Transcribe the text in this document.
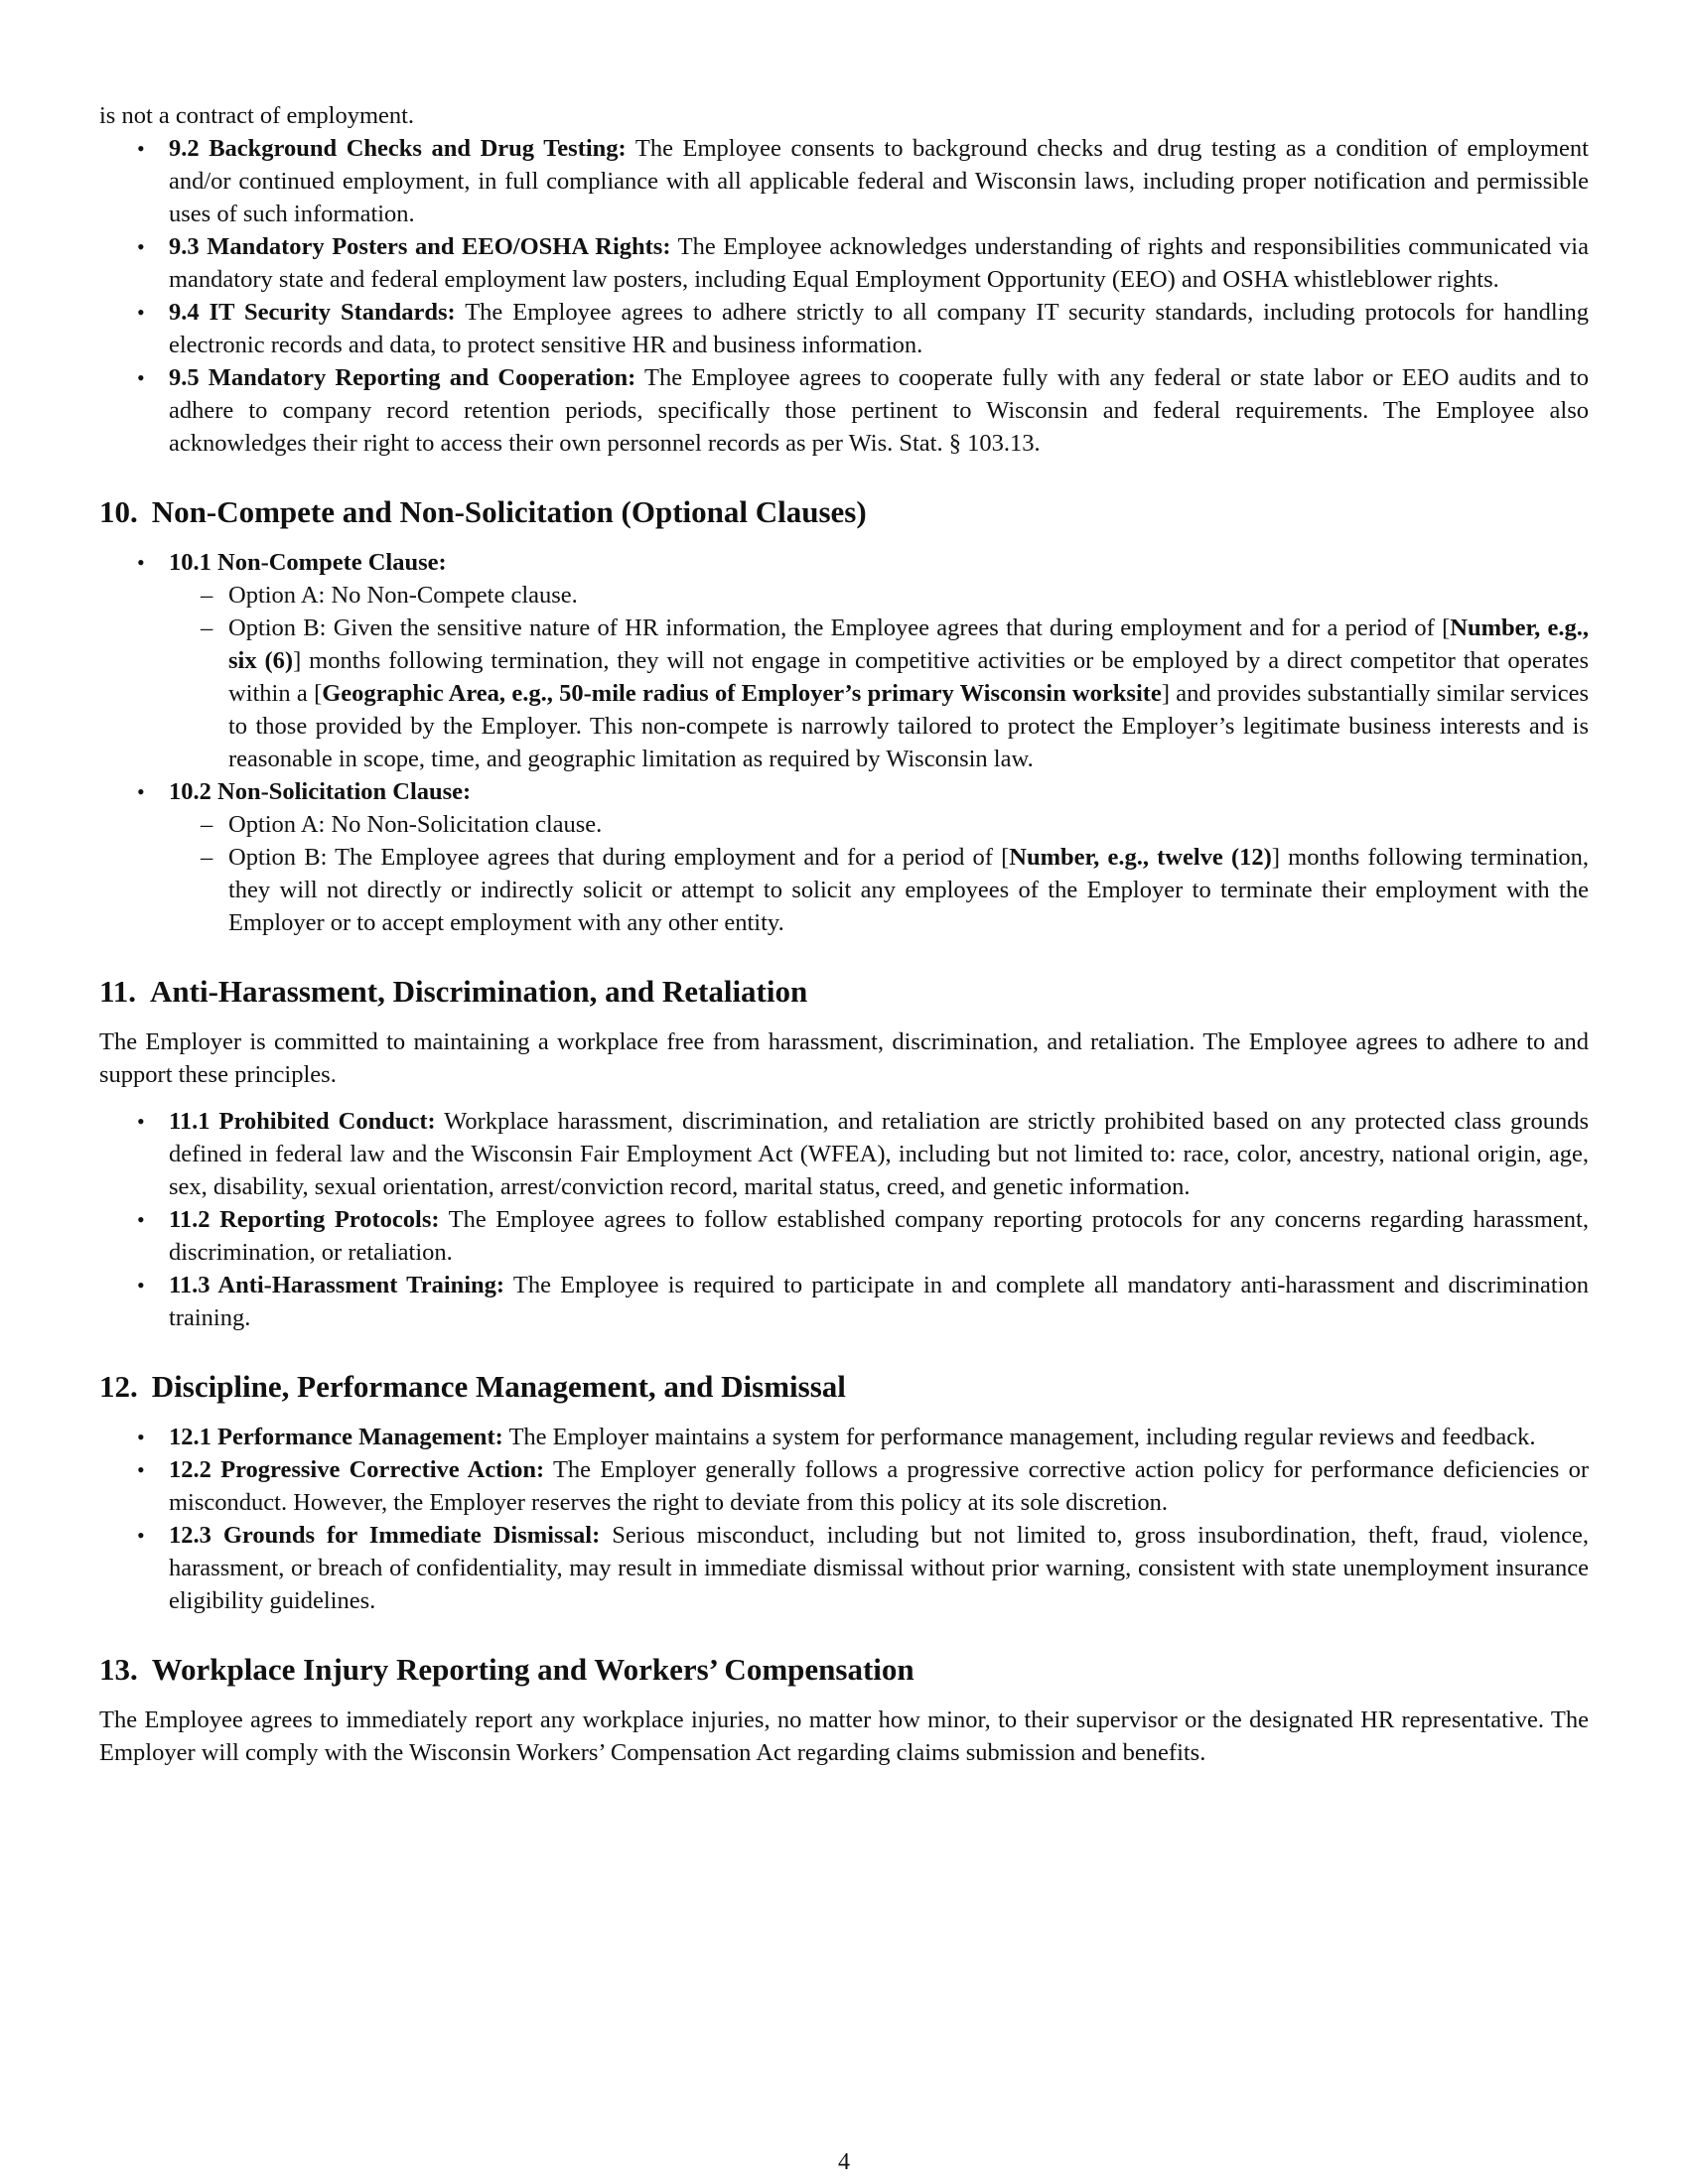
is not a contract of employment.

• 9.2 Background Checks and Drug Testing: The Employee consents to background checks and drug testing as a condition of employment and/or continued employment, in full compliance with all applicable federal and Wisconsin laws, including proper notification and permissible uses of such information.
• 9.3 Mandatory Posters and EEO/OSHA Rights: The Employee acknowledges understanding of rights and responsibilities communicated via mandatory state and federal employment law posters, including Equal Employment Opportunity (EEO) and OSHA whistleblower rights.
• 9.4 IT Security Standards: The Employee agrees to adhere strictly to all company IT security standards, including protocols for handling electronic records and data, to protect sensitive HR and business information.
• 9.5 Mandatory Reporting and Cooperation: The Employee agrees to cooperate fully with any federal or state labor or EEO audits and to adhere to company record retention periods, specifically those pertinent to Wisconsin and federal requirements. The Employee also acknowledges their right to access their own personnel records as per Wis. Stat. § 103.13.
10. Non-Compete and Non-Solicitation (Optional Clauses)
• 10.1 Non-Compete Clause:
– Option A: No Non-Compete clause.
– Option B: Given the sensitive nature of HR information, the Employee agrees that during employment and for a period of [Number, e.g., six (6)] months following termination, they will not engage in competitive activities or be employed by a direct competitor that operates within a [Geographic Area, e.g., 50-mile radius of Employer’s primary Wisconsin worksite] and provides substantially similar services to those provided by the Employer. This non-compete is narrowly tailored to protect the Employer’s legitimate business interests and is reasonable in scope, time, and geographic limitation as required by Wisconsin law.
• 10.2 Non-Solicitation Clause:
– Option A: No Non-Solicitation clause.
– Option B: The Employee agrees that during employment and for a period of [Number, e.g., twelve (12)] months following termination, they will not directly or indirectly solicit or attempt to solicit any employees of the Employer to terminate their employment with the Employer or to accept employment with any other entity.
11. Anti-Harassment, Discrimination, and Retaliation

The Employer is committed to maintaining a workplace free from harassment, discrimination, and retaliation. The Employee agrees to adhere to and support these principles.

• 11.1 Prohibited Conduct: Workplace harassment, discrimination, and retaliation are strictly prohibited based on any protected class grounds defined in federal law and the Wisconsin Fair Employment Act (WFEA), including but not limited to: race, color, ancestry, national origin, age, sex, disability, sexual orientation, arrest/conviction record, marital status, creed, and genetic information.
• 11.2 Reporting Protocols: The Employee agrees to follow established company reporting protocols for any concerns regarding harassment, discrimination, or retaliation.
• 11.3 Anti-Harassment Training: The Employee is required to participate in and complete all mandatory anti-harassment and discrimination training.
12. Discipline, Performance Management, and Dismissal
• 12.1 Performance Management: The Employer maintains a system for performance management, including regular reviews and feedback.
• 12.2 Progressive Corrective Action: The Employer generally follows a progressive corrective action policy for performance deficiencies or misconduct. However, the Employer reserves the right to deviate from this policy at its sole discretion.
• 12.3 Grounds for Immediate Dismissal: Serious misconduct, including but not limited to, gross insubordination, theft, fraud, violence, harassment, or breach of confidentiality, may result in immediate dismissal without prior warning, consistent with state unemployment insurance eligibility guidelines.
13. Workplace Injury Reporting and Workers’ Compensation

The Employee agrees to immediately report any workplace injuries, no matter how minor, to their supervisor or the designated HR representative. The Employer will comply with the Wisconsin Workers’ Compensation Act regarding claims submission and benefits.

4
